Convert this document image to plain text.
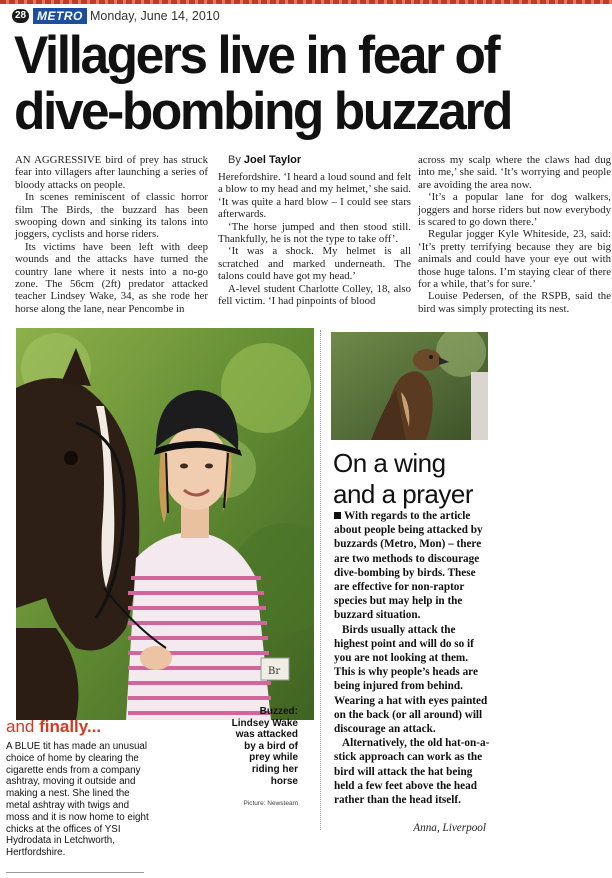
28 METRO Monday, June 14, 2010
Villagers live in fear of
dive-bombing buzzard

AN AGGRESSIVE bird of prey has struck fear into villagers after launching a series of bloody attacks on people.

In scenes reminiscent of classic horror film The Birds, the buzzard has been swooping down and sinking its talons into joggers, cyclists and horse riders.

Its victims have been left with deep wounds and the attacks have turned the country lane where it nests into a no-go zone. The 56cm (2ft) predator attacked teacher Lindsey Wake, 34, as she rode her horse along the lane, near Pencombe in

By Joel Taylor

Herefordshire. ‘I heard a loud sound and felt a blow to my head and my helmet,’ she said. ‘It was quite a hard blow – I could see stars afterwards.

‘The horse jumped and then stood still. Thankfully, he is not the type to take off’.

‘It was a shock. My helmet is all scratched and marked underneath. The talons could have got my head.’

A-level student Charlotte Colley, 18, also fell victim. ‘I had pinpoints of blood

across my scalp where the claws had dug into me,’ she said. ‘It’s worrying and people are avoiding the area now.

‘It’s a popular lane for dog walkers, joggers and horse riders but now everybody is scared to go down there.’

Regular jogger Kyle Whiteside, 23, said: ‘It’s pretty terrifying because they are big animals and could have your eye out with those huge talons. I’m staying clear of there for a while, that’s for sure.’

Louise Pedersen, of the RSPB, said the bird was simply protecting its nest.

Br
On a wing
and a prayer

With regards to the article about people being attacked by buzzards (Metro, Mon) – there are two methods to discourage dive-bombing by birds. These are effective for non-raptor species but may help in the buzzard situation.

Birds usually attack the highest point and will do so if you are not looking at them. This is why people’s heads are being injured from behind. Wearing a hat with eyes painted on the back (or all around) will discourage an attack.

Alternatively, the old hat-on-a-stick approach can work as the bird will attack the hat being held a few feet above the head rather than the head itself.

Anna, Liverpool
and finally...
A BLUE tit has made an unusual choice of home by clearing the cigarette ends from a company ashtray, moving it outside and making a nest. She lined the metal ashtray with twigs and moss and it is now home to eight chicks at the offices of YSI Hydrodata in Letchworth, Hertfordshire.
Buzzed:
Lindsey Wake was attacked by a bird of prey while riding her horse
Picture: Newsteam
